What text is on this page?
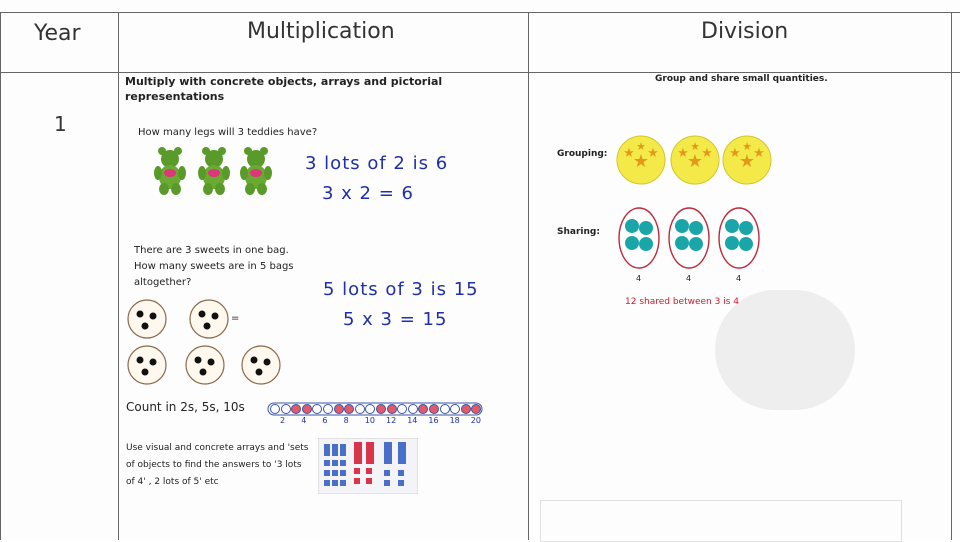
Year	Multiplication	Division
1
Multiply with concrete objects, arrays and pictorial representations
How many legs will 3 teddies have?
3 lots of 2 is 6
3 x 2 = 6
There are 3 sweets in one bag.
How many sweets are in 5 bags
altogether?
=
5 lots of 3 is 15
5 x 3 = 15
Count in 2s, 5s, 10s
2 4 6 8 10 12 14 16 18 20
Use visual and concrete arrays and 'sets
of objects to find the answers to '3 lots
of 4' , 2 lots of 5' etc
Group and share small quantities.
Grouping: ★
★ ★
★
★
★ ★
★
★
★ ★
★
Sharing:
4	4	4
12 shared between 3 is 4
